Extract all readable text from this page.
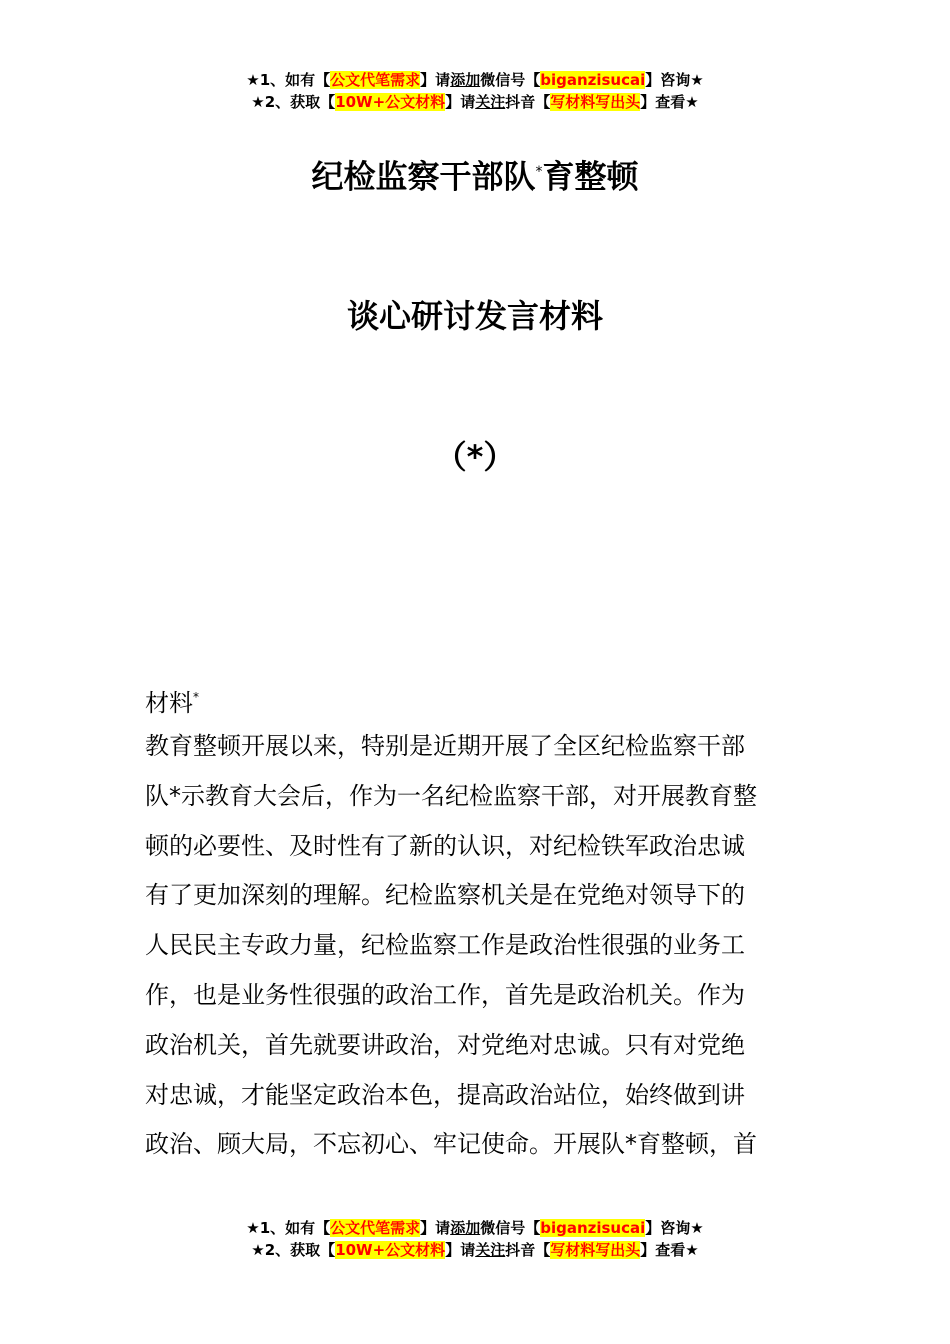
★1、如有【公文代笔需求】请添加微信号【biganzisucai】咨询★
★2、获取【10W+公文材料】请关注抖音【写材料写出头】查看★
纪检监察干部队*育整顿
谈心研讨发言材料
（*）
材料*
教育整顿开展以来，特别是近期开展了全区纪检监察干部
队*示教育大会后，作为一名纪检监察干部，对开展教育整
顿的必要性、及时性有了新的认识，对纪检铁军政治忠诚
有了更加深刻的理解。纪检监察机关是在党绝对领导下的
人民民主专政力量，纪检监察工作是政治性很强的业务工
作，也是业务性很强的政治工作，首先是政治机关。作为
政治机关，首先就要讲政治，对党绝对忠诚。只有对党绝
对忠诚，才能坚定政治本色，提高政治站位，始终做到讲
政治、顾大局，不忘初心、牢记使命。开展队*育整顿，首
★1、如有【公文代笔需求】请添加微信号【biganzisucai】咨询★
★2、获取【10W+公文材料】请关注抖音【写材料写出头】查看★
